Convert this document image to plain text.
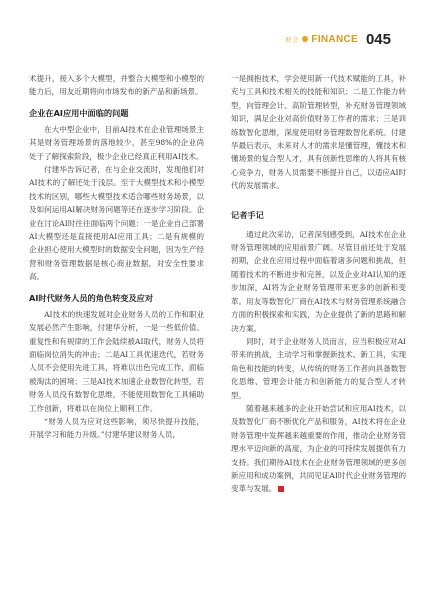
财会 FINANCE 045

术提升，接入多个大模型，并整合大模型和小模型的能力后，用友近期将向市场发布的新产品和新场景。

企业在AI应用中面临的问题

在大中型企业中，目前AI技术在企业管理场景主其是财务管理场景的落地较少，甚至98%的企业尚处于了解探索阶段，极少企业已经真正利用AI技术。

付建华告诉记者，在与企业交流时，发现他们对AI技术的了解还处于浅层。至于大模型技术和小模型技术的区别，哪些大模型技术适合哪些财务场景，以及如何运用AI解决财务问题等还在逐步学习阶段。企业在讨论AI时往往面临两个问题：一是企业自己部署AI大模型还是直接使用AI应用工具；二是有规模的企业担心使用大模型时的数据安全问题，因为生产经营和财务管理数据是核心商业数据，对安全性要求高。

AI时代财务人员的角色转变及应对

AI技术的快速发展对企业财务人员的工作和职业发展必然产生影响，付建华分析，一是一些低价值、重复性和有规律的工作会陆续被AI取代，财务人员将面临岗位消失的冲击；二是AI工具优速迭代，若财务人员不会使用先进工具，将难以出色完成工作，面临被淘汰的困境；三是AI技术加速企业数智化转型，若财务人员没有数智化思维，不能使用数智化工具辅助工作创新，将难以在岗位上顺利工作。

“财务人员为应对这些影响，须尽快提升技能，开展学习和能力升级。”付建华建议财务人员，

一是拥抱技术，学会使用新一代技术赋能的工具，补充与工具和技术相关的技能和知识；二是工作能力转型，向管理会计、高阶管理转型，补充财务管理领域知识，满足企业对高价值财务工作者的需求；三是训练数智化思维，深度使用财务管理数智化系统。付建华最后表示，未来对人才的需求是懂管理，懂技术和懂场景的复合型人才，具有创新性思维的人将具有核心竞争力，财务人员需要不断提升自己，以适应AI时代的发展需求。

记者手记

通过此次采访，记者深刻感受到，AI技术在企业财务管理领域的应用前景广阔。尽管目前还处于发展初期，企业在应用过程中面临着诸多问题和挑战，但随着技术的不断进步和完善，以及企业对AI认知的逐步加深，AI将为企业财务管理带来更多的创新和变革。用友等数智化厂商在AI技术与财务管理系统融合方面的积极探索和实践，为企业提供了新的思路和解决方案。

同时，对于企业财务人员而言，应当积极应对AI带来的挑战，主动学习和掌握新技术、新工具，实现角色和技能的转变，从传统的财务工作者向具备数智化思维、管理会计能力和创新能力的复合型人才转型。

随着越来越多的企业开始尝试和应用AI技术，以及数智化厂商不断优化产品和服务，AI技术将在企业财务管理中发挥越来越重要的作用，推动企业财务管理水平迈向新的高度，为企业的可持续发展提供有力支持。我们期待AI技术在企业财务管理领域的更多创新应用和成功案例，共同见证AI时代企业财务管理的变革与发展。
